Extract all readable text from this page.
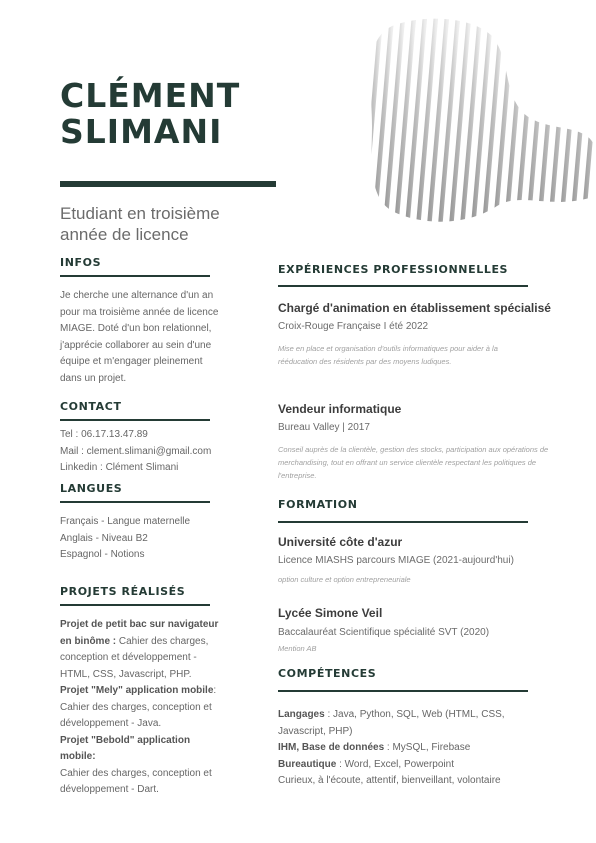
CLÉMENT
SLIMANI
Etudiant en troisième année de licence
INFOS
Je cherche une alternance d'un an pour ma troisième année de licence MIAGE. Doté d'un bon relationnel, j'apprécie collaborer au sein d'une équipe et m'engager pleinement dans un projet.
CONTACT
Tel : 06.17.13.47.89
Mail : clement.slimani@gmail.com
Linkedin : Clément Slimani
LANGUES
Français - Langue maternelle
Anglais - Niveau B2
Espagnol - Notions
PROJETS RÉALISÉS
Projet de petit bac sur navigateur en binôme : Cahier des charges, conception et développement - HTML, CSS, Javascript, PHP.
Projet "Mely" application mobile: Cahier des charges, conception et développement - Java.
Projet "Bebold" application mobile:
Cahier des charges, conception et développement - Dart.
EXPÉRIENCES PROFESSIONNELLES
Chargé d'animation en établissement spécialisé
Croix-Rouge Française I été 2022
Mise en place et organisation d'outils informatiques pour aider à la rééducation des résidents par des moyens ludiques.
Vendeur informatique
Bureau Valley | 2017
Conseil auprès de la clientèle, gestion des stocks, participation aux opérations de merchandising, tout en offrant un service clientèle respectant les politiques de l'entreprise.
FORMATION
Université côte d'azur
Licence MIASHS parcours MIAGE (2021-aujourd'hui)
option culture et option entrepreneuriale
Lycée Simone Veil
Baccalauréat Scientifique spécialité SVT (2020)
Mention AB
COMPÉTENCES
Langages : Java, Python, SQL, Web (HTML, CSS, Javascript, PHP)
IHM, Base de données : MySQL, Firebase
Bureautique : Word, Excel, Powerpoint
Curieux, à l'écoute, attentif, bienveillant, volontaire
